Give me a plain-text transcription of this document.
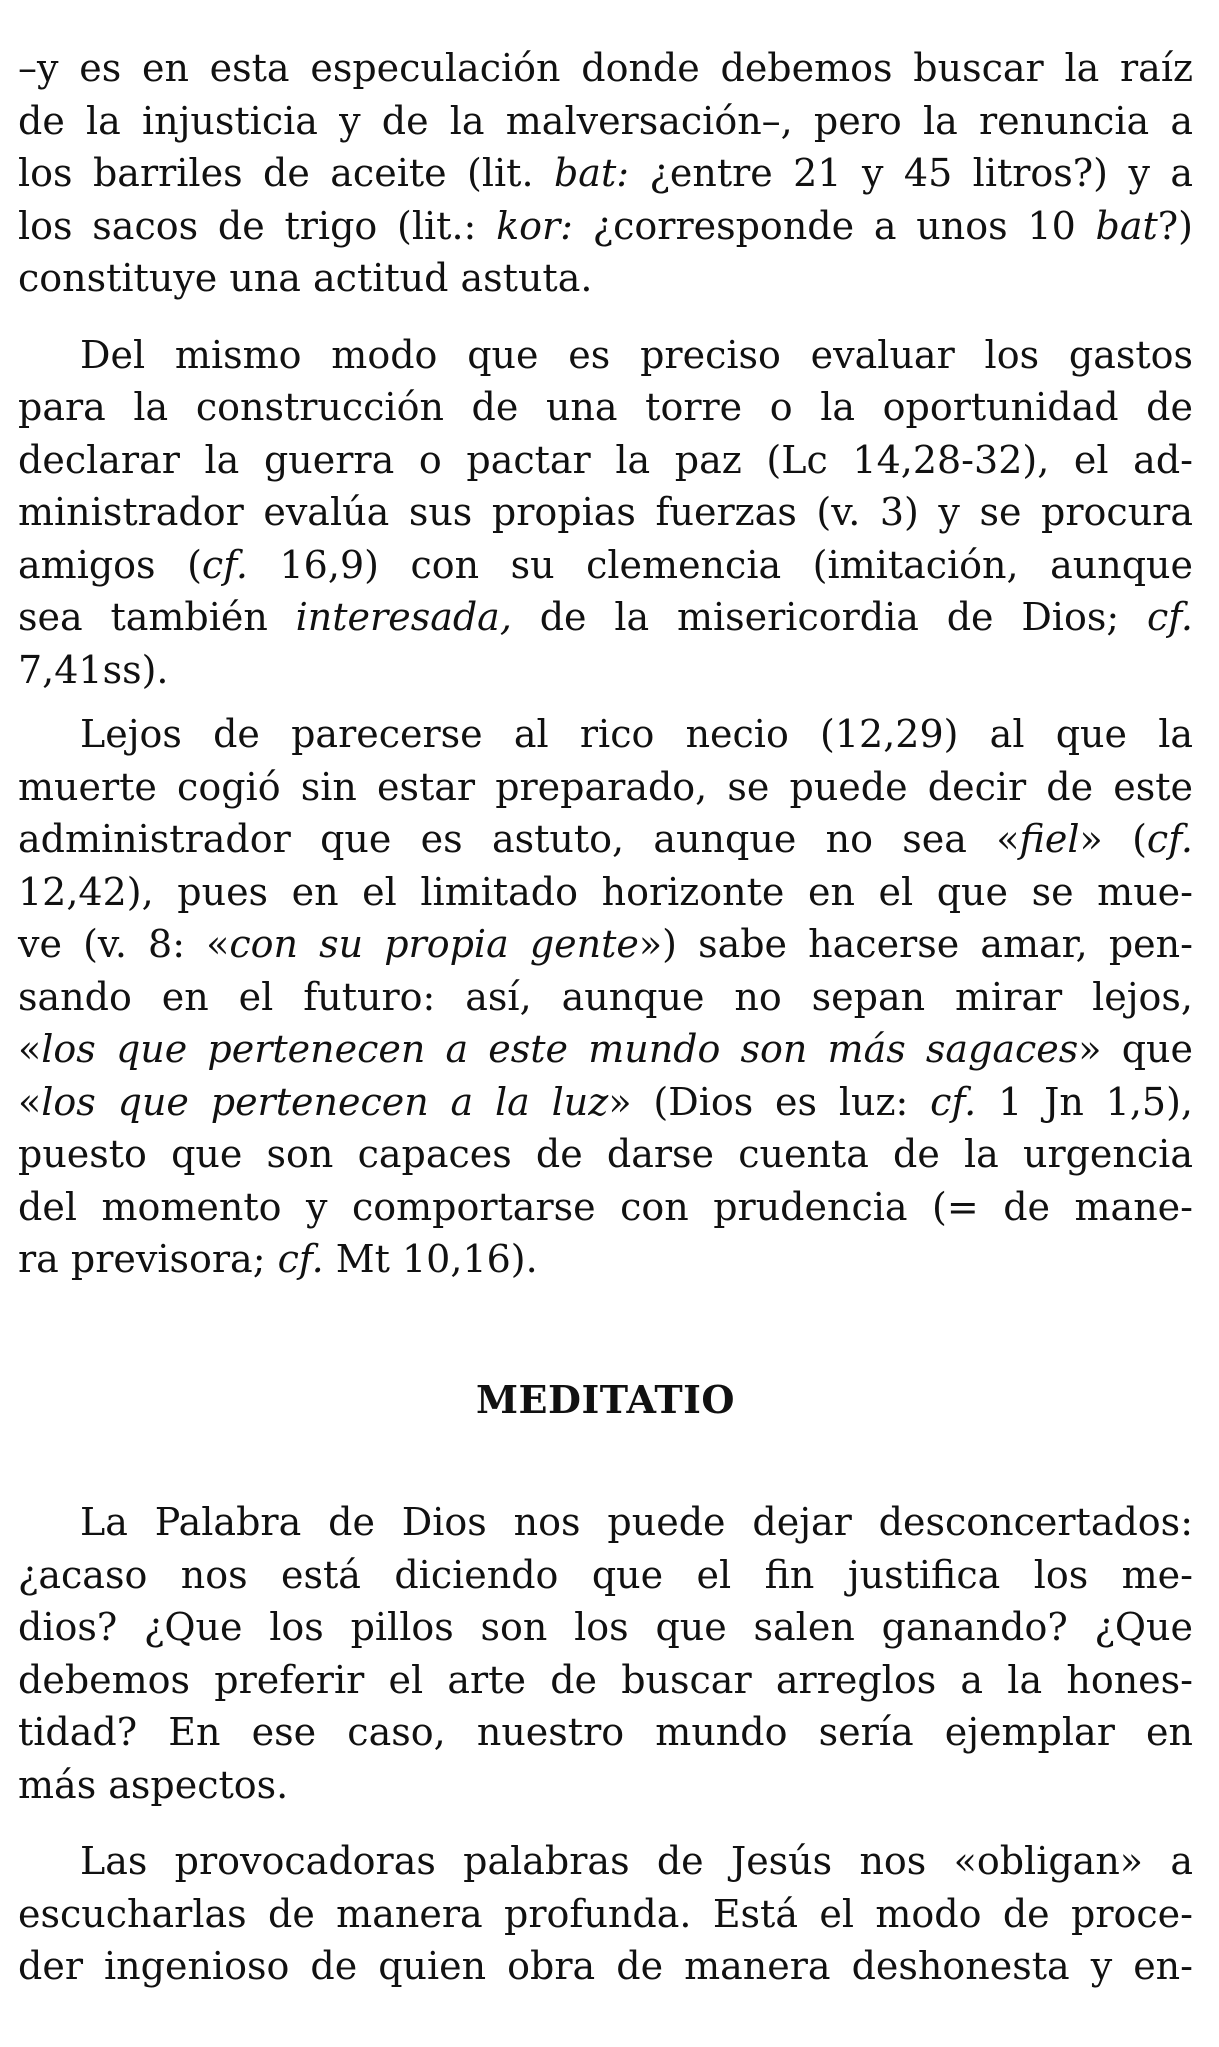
–y es en esta especulación donde debemos buscar la raíz
de la injusticia y de la malversación–, pero la renuncia a
los barriles de aceite (lit. bat: ¿entre 21 y 45 litros?) y a
los sacos de trigo (lit.: kor: ¿corresponde a unos 10 bat?)
constituye una actitud astuta.
Del mismo modo que es preciso evaluar los gastos
para la construcción de una torre o la oportunidad de
declarar la guerra o pactar la paz (Lc 14,28-32), el ad-
ministrador evalúa sus propias fuerzas (v. 3) y se procura
amigos (cf. 16,9) con su clemencia (imitación, aunque
sea también interesada, de la misericordia de Dios; cf.
7,41ss).
Lejos de parecerse al rico necio (12,29) al que la
muerte cogió sin estar preparado, se puede decir de este
administrador que es astuto, aunque no sea «fiel» (cf.
12,42), pues en el limitado horizonte en el que se mue-
ve (v. 8: «con su propia gente») sabe hacerse amar, pen-
sando en el futuro: así, aunque no sepan mirar lejos,
«los que pertenecen a este mundo son más sagaces» que
«los que pertenecen a la luz» (Dios es luz: cf. 1 Jn 1,5),
puesto que son capaces de darse cuenta de la urgencia
del momento y comportarse con prudencia (= de mane-
ra previsora; cf. Mt 10,16).
MEDITATIO
La Palabra de Dios nos puede dejar desconcertados:
¿acaso nos está diciendo que el fin justifica los me-
dios? ¿Que los pillos son los que salen ganando? ¿Que
debemos preferir el arte de buscar arreglos a la hones-
tidad? En ese caso, nuestro mundo sería ejemplar en
más aspectos.
Las provocadoras palabras de Jesús nos «obligan» a
escucharlas de manera profunda. Está el modo de proce-
der ingenioso de quien obra de manera deshonesta y en-
